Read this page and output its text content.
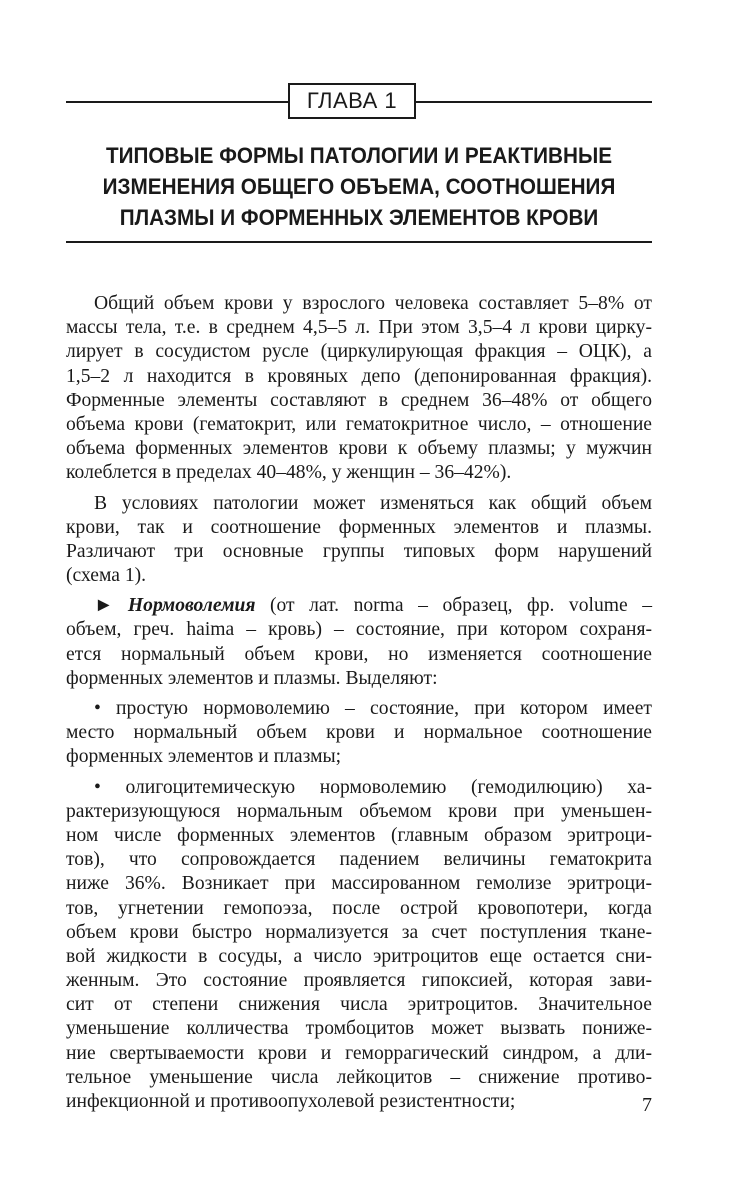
ГЛАВА 1
ТИПОВЫЕ ФОРМЫ ПАТОЛОГИИ И РЕАКТИВНЫЕ
ИЗМЕНЕНИЯ ОБЩЕГО ОБЪЕМА, СООТНОШЕНИЯ
ПЛАЗМЫ И ФОРМЕННЫХ ЭЛЕМЕНТОВ КРОВИ
Общий объем крови у взрослого человека составляет 5–8% от
массы тела, т.е. в среднем 4,5–5 л. При этом 3,5–4 л крови цирку-
лирует в сосудистом русле (циркулирующая фракция – ОЦК), а
1,5–2 л находится в кровяных депо (депонированная фракция).
Форменные элементы составляют в среднем 36–48% от общего
объема крови (гематокрит, или гематокритное число, – отношение
объема форменных элементов крови к объему плазмы; у мужчин
колеблется в пределах 40–48%, у женщин – 36–42%).
В условиях патологии может изменяться как общий объем
крови, так и соотношение форменных элементов и плазмы.
Различают три основные группы типовых форм нарушений
(схема 1).
► Нормоволемия (от лат. norma – образец, фр. volume –
объем, греч. haima – кровь) – состояние, при котором сохраня-
ется нормальный объем крови, но изменяется соотношение
форменных элементов и плазмы. Выделяют:
• простую нормоволемию – состояние, при котором имеет
место нормальный объем крови и нормальное соотношение
форменных элементов и плазмы;
• олигоцитемическую нормоволемию (гемодилюцию) ха-
рактеризующуюся нормальным объемом крови при уменьшен-
ном числе форменных элементов (главным образом эритроци-
тов), что сопровождается падением величины гематокрита
ниже 36%. Возникает при массированном гемолизе эритроци-
тов, угнетении гемопоэза, после острой кровопотери, когда
объем крови быстро нормализуется за счет поступления ткане-
вой жидкости в сосуды, а число эритроцитов еще остается сни-
женным. Это состояние проявляется гипоксией, которая зави-
сит от степени снижения числа эритроцитов. Значительное
уменьшение колличества тромбоцитов может вызвать пониже-
ние свертываемости крови и геморрагический синдром, а дли-
тельное уменьшение числа лейкоцитов – снижение противо-
инфекционной и противоопухолевой резистентности;	7
